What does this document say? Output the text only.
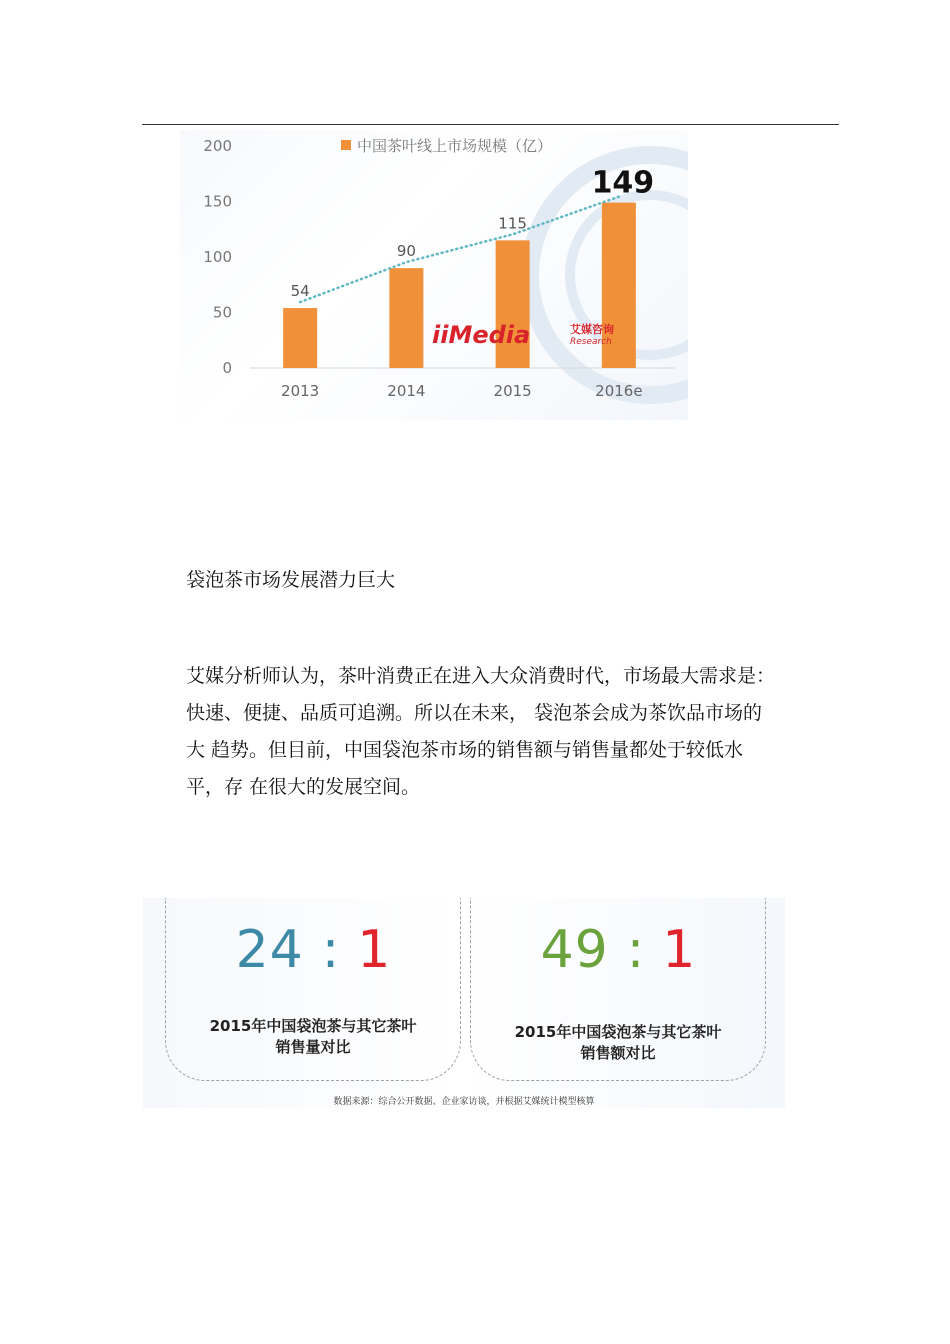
200
150
100
50
0
中国茶叶线上市场规模（亿）
2013
54
2014
90
2015
115
2016e
149
iiMedia	艾媒咨询
Research
袋泡茶市场发展潜力巨大
艾媒分析师认为，茶叶消费正在进入大众消费时代，市场最大需求是：
快速、便捷、品质可追溯。所以在未来， 袋泡茶会成为茶饮品市场的
大 趋势。但目前，中国袋泡茶市场的销售额与销售量都处于较低水
平，存 在很大的发展空间。
24 : 1
2015年中国袋泡茶与其它茶叶
销售量对比
49 : 1
2015年中国袋泡茶与其它茶叶
销售额对比
数据来源：综合公开数据、企业家访谈，并根据艾媒统计模型核算
